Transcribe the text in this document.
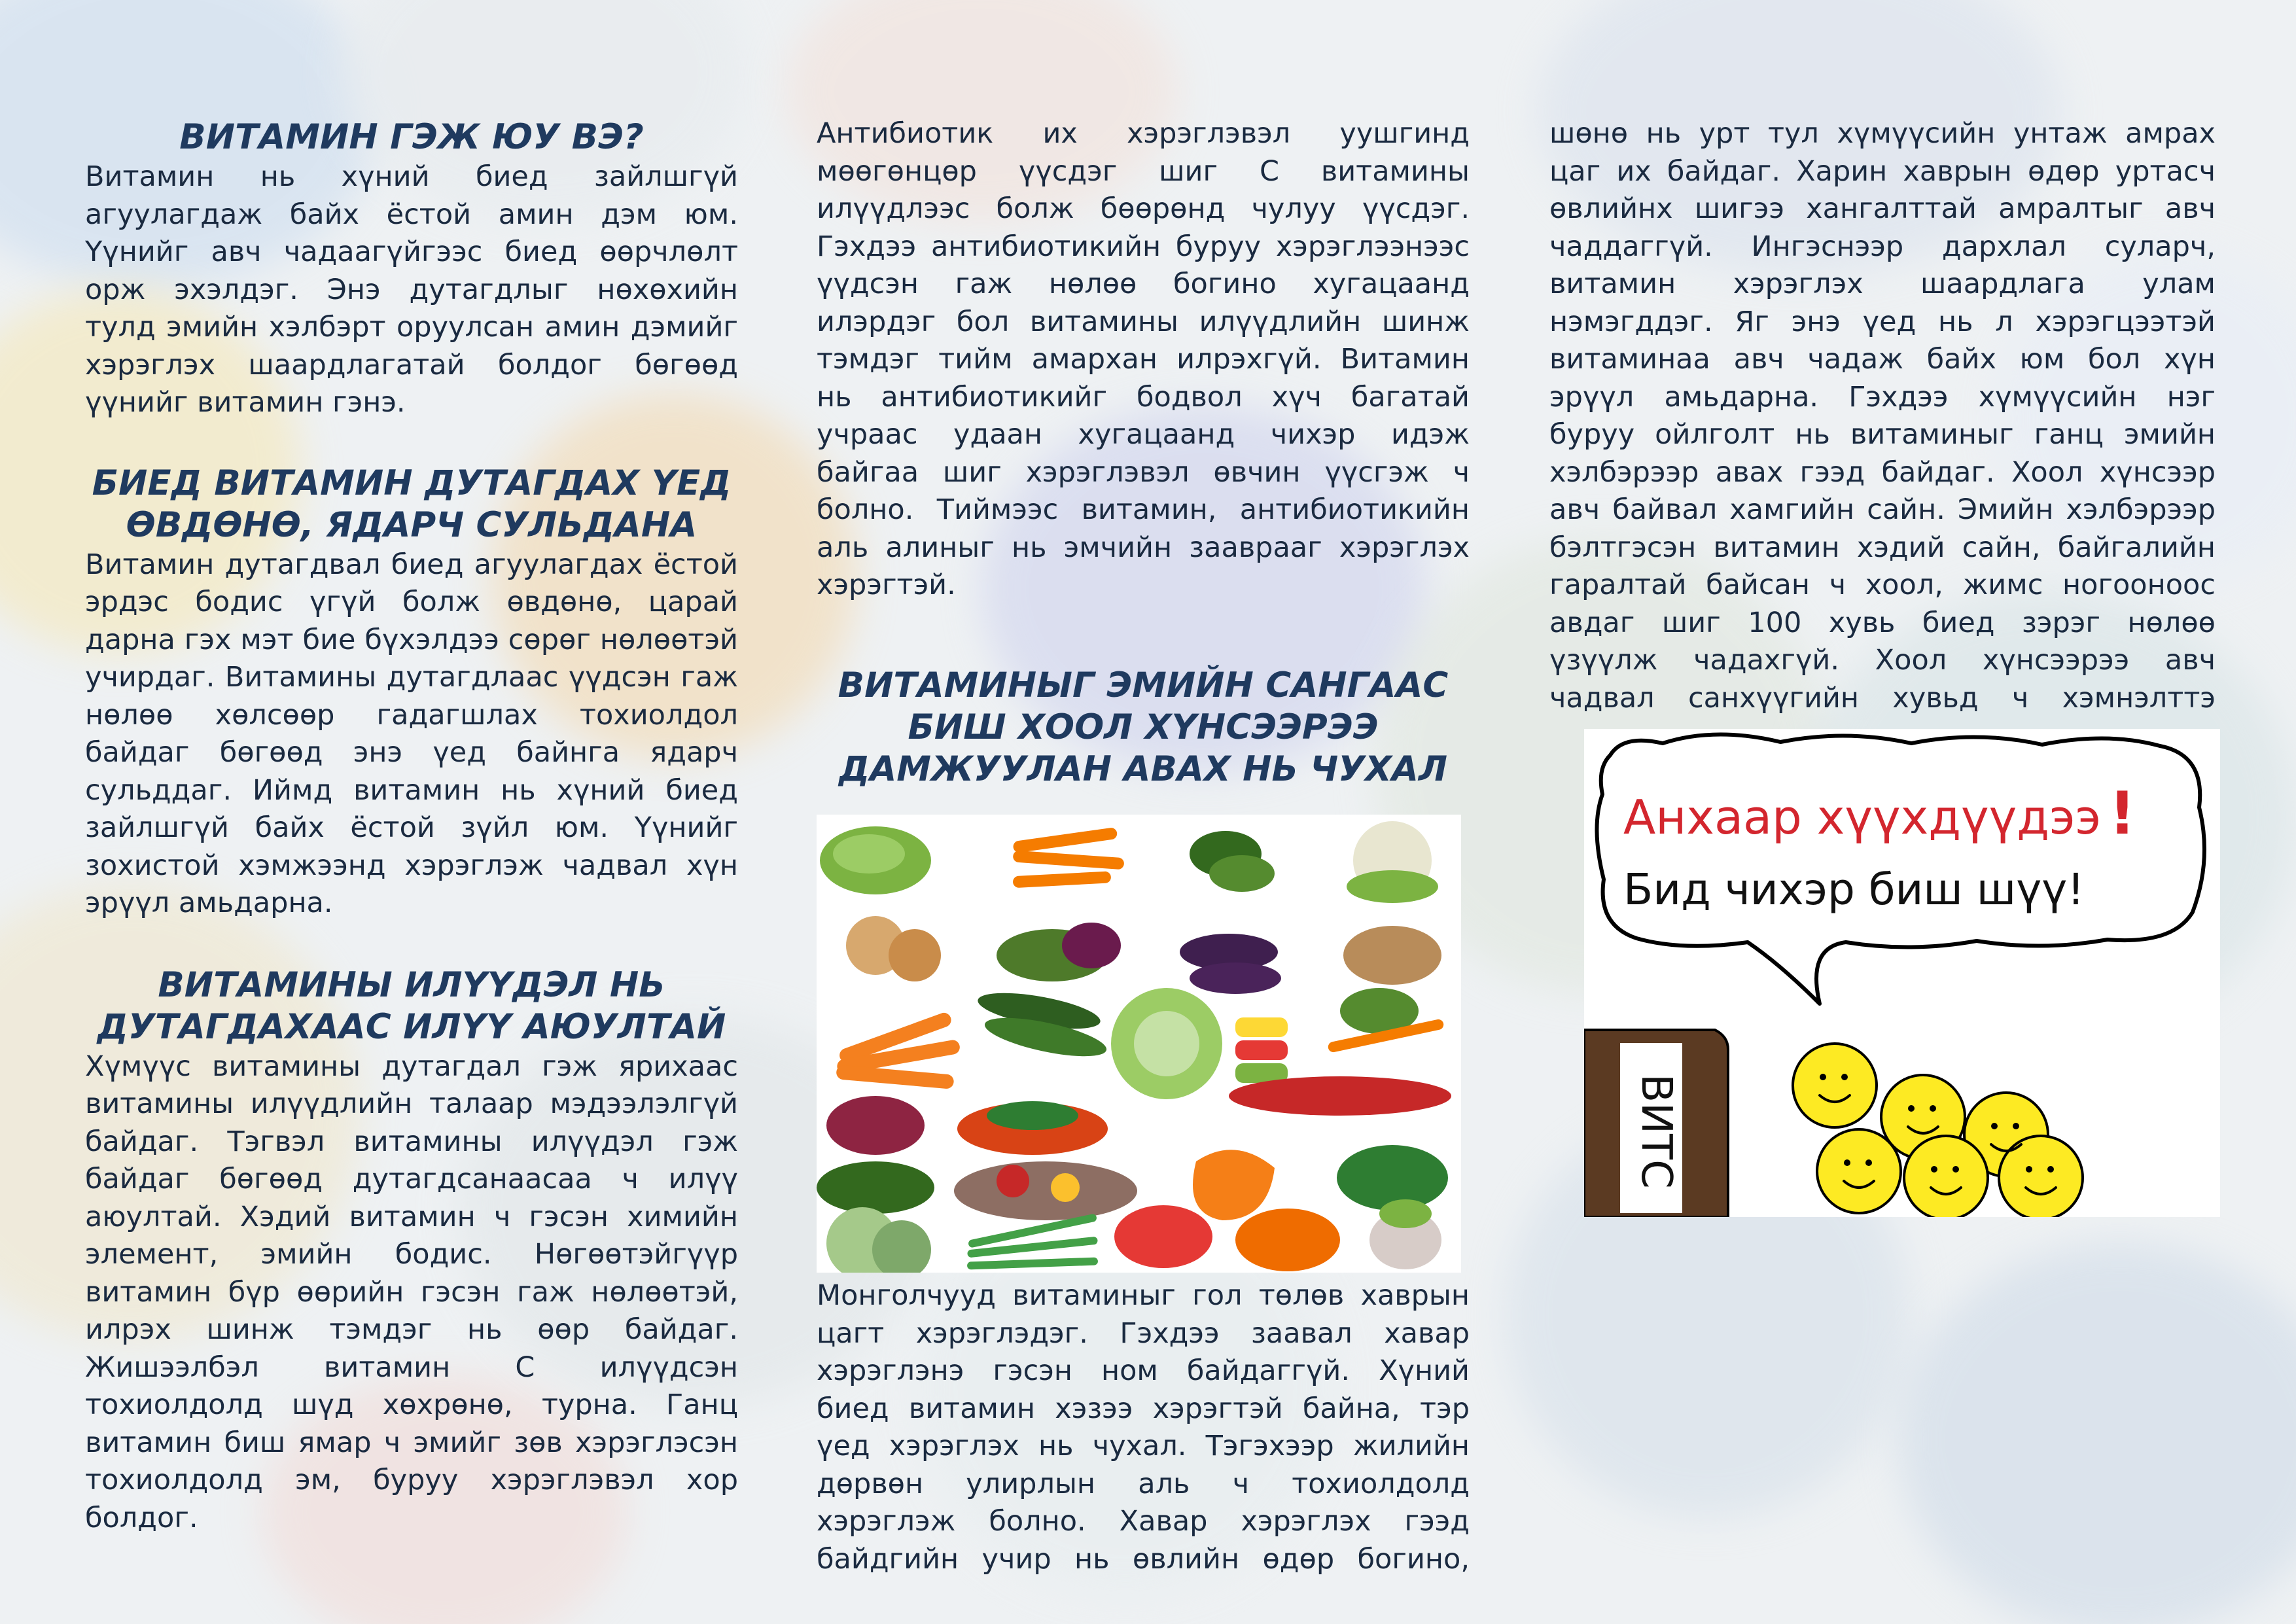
ВИТАМИН ГЭЖ ЮУ ВЭ?

Витамин нь хүний биед зайлшгүй агуулагдаж байх ёстой амин дэм юм. Үүнийг авч чадаагүйгээс биед өөрчлөлт орж эхэлдэг. Энэ дутагдлыг нөхөхийн тулд эмийн хэлбэрт оруулсан амин дэмийг хэрэглэх шаардлагатай болдог бөгөөд үүнийг витамин гэнэ.

БИЕД ВИТАМИН ДУТАГДАХ ҮЕД ӨВДӨНӨ, ЯДАРЧ СУЛЬДАНА

Витамин дутагдвал биед агуулагдах ёстой эрдэс бодис үгүй болж өвдөнө, царай дарна гэх мэт бие бүхэлдээ сөрөг нөлөөтэй учирдаг. Витамины дутагдлаас үүдсэн гаж нөлөө хөлсөөр гадагшлах тохиолдол байдаг бөгөөд энэ үед байнга ядарч сульддаг. Иймд витамин нь хүний биед зайлшгүй байх ёстой зүйл юм. Үүнийг зохистой хэмжээнд хэрэглэж чадвал хүн эрүүл амьдарна.

ВИТАМИНЫ ИЛҮҮДЭЛ НЬ ДУТАГДАХААС ИЛҮҮ АЮУЛТАЙ

Хүмүүс витамины дутагдал гэж ярихаас витамины илүүдлийн талаар мэдээлэлгүй байдаг. Тэгвэл витамины илүүдэл гэж байдаг бөгөөд дутагдсанаасаа ч илүү аюултай. Хэдий витамин ч гэсэн химийн элемент, эмийн бодис. Нөгөөтэйгүүр витамин бүр өөрийн гэсэн гаж нөлөөтэй, илрэх шинж тэмдэг нь өөр байдаг. Жишээлбэл витамин С илүүдсэн тохиолдолд шүд хөхрөнө, турна. Ганц витамин биш ямар ч эмийг зөв хэрэглэсэн тохиолдолд эм, буруу хэрэглэвэл хор болдог.

Антибиотик их хэрэглэвэл уушгинд мөөгөнцөр үүсдэг шиг С витамины илүүдлээс болж бөөрөнд чулуу үүсдэг. Гэхдээ антибиотикийн буруу хэрэглээнээс үүдсэн гаж нөлөө богино хугацаанд илэрдэг бол витамины илүүдлийн шинж тэмдэг тийм амархан илрэхгүй. Витамин нь антибиотикийг бодвол хүч багатай учраас удаан хугацаанд чихэр идэж байгаа шиг хэрэглэвэл өвчин үүсгэж ч болно. Тиймээс витамин, антибиотикийн аль алиныг нь эмчийн зааврааг хэрэглэх хэрэгтэй.

ВИТАМИНЫГ ЭМИЙН САНГААС БИШ ХООЛ ХҮНСЭЭРЭЭ ДАМЖУУЛАН АВАХ НЬ ЧУХАЛ

Монголчууд витаминыг гол төлөв хаврын цагт хэрэглэдэг. Гэхдээ заавал хавар хэрэглэнэ гэсэн ном байдаггүй. Хүний биед витамин хэзээ хэрэгтэй байна, тэр үед хэрэглэх нь чухал. Тэгэхээр жилийн дөрвөн улирлын аль ч тохиолдолд хэрэглэж болно. Хавар хэрэглэх гээд байдгийн учир нь өвлийн өдөр богино,

шөнө нь урт тул хүмүүсийн унтаж амрах цаг их байдаг. Харин хаврын өдөр уртасч өвлийнх шигээ хангалттай амралтыг авч чаддаггүй. Ингэснээр дархлал суларч, витамин хэрэглэх шаардлага улам нэмэгддэг. Яг энэ үед нь л хэрэгцээтэй витаминаа авч чадаж байх юм бол хүн эрүүл амьдарна. Гэхдээ хүмүүсийн нэг буруу ойлголт нь витаминыг ганц эмийн хэлбэрээр авах гээд байдаг. Хоол хүнсээр авч байвал хамгийн сайн. Эмийн хэлбэрээр бэлтгэсэн витамин хэдий сайн, байгалийн гаралтай байсан ч хоол, жимс ногооноос авдаг шиг 100 хувь биед зэрэг нөлөө үзүүлж чадахгүй. Хоол хүнсээрээ авч чадвал санхүүгийн хувьд ч хэмнэлттэ

Анхаар хүүхдүүдээ !
Бид чихэр биш шүү!
ВИТС
